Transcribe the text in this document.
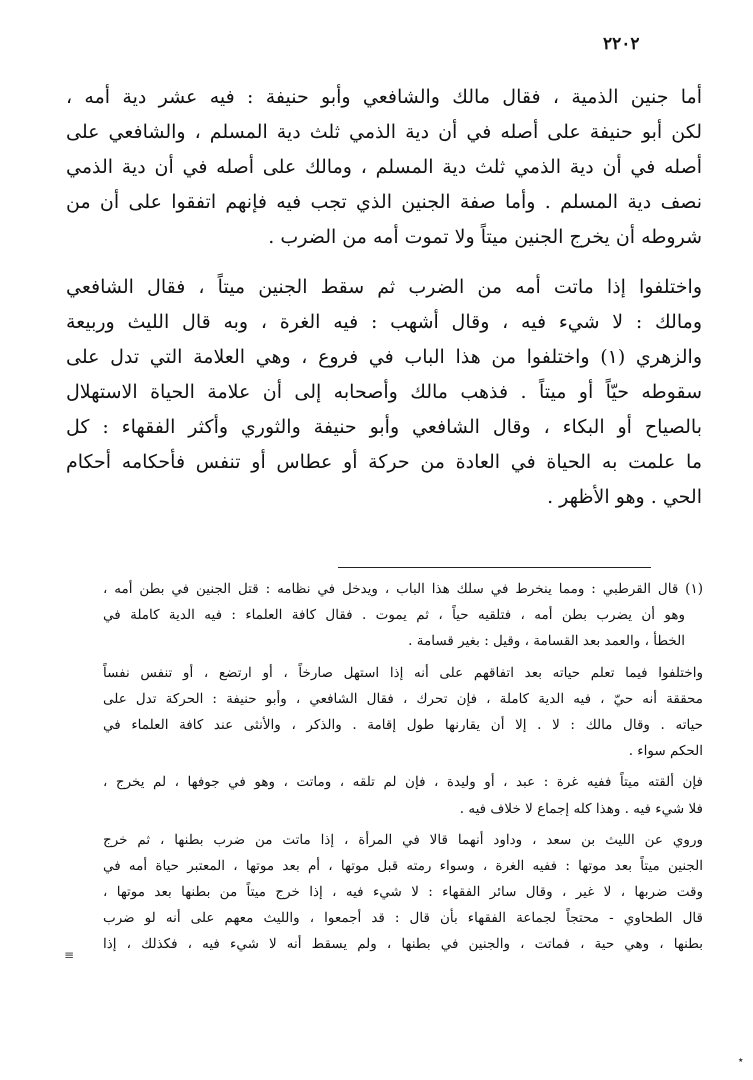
٢٢٠٢
أما جنين الذمية ، فقال مالك والشافعي وأبو حنيفة : فيه عشر دية أمه ،
لكن أبو حنيفة على أصله في أن دية الذمي ثلث دية المسلم ، والشافعي على
أصله في أن دية الذمي ثلث دية المسلم ، ومالك على أصله في أن دية الذمي
نصف دية المسلم . وأما صفة الجنين الذي تجب فيه فإنهم اتفقوا على أن من
شروطه أن يخرج الجنين ميتاً ولا تموت أمه من الضرب .
واختلفوا إذا ماتت أمه من الضرب ثم سقط الجنين ميتاً ، فقال الشافعي
ومالك : لا شيء فيه ، وقال أشهب : فيه الغرة ، وبه قال الليث وربيعة
والزهري (١) واختلفوا من هذا الباب في فروع ، وهي العلامة التي تدل على
سقوطه حيّاً أو ميتاً . فذهب مالك وأصحابه إلى أن علامة الحياة الاستهلال
بالصياح أو البكاء ، وقال الشافعي وأبو حنيفة والثوري وأكثر الفقهاء : كل
ما علمت به الحياة في العادة من حركة أو عطاس أو تنفس فأحكامه أحكام
الحي . وهو الأظهر .
(١) قال القرطبي : ومما ينخرط في سلك هذا الباب ، ويدخل في نظامه : قتل الجنين في بطن أمه ،
وهو أن يضرب بطن أمه ، فتلقيه حياً ، ثم يموت . فقال كافة العلماء : فيه الدية كاملة في
الخطأ ، والعمد بعد القسامة ، وقيل : بغير قسامة .
واختلفوا فيما تعلم حياته بعد اتفاقهم على أنه إذا استهل صارخاً ، أو ارتضع ، أو تنفس نفساً
محققة أنه حيّ ، فيه الدية كاملة ، فإن تحرك ، فقال الشافعي ، وأبو حنيفة : الحركة تدل على
حياته . وقال مالك : لا . إلا أن يقارنها طول إقامة . والذكر ، والأنثى عند كافة العلماء في
الحكم سواء .
فإن ألقته ميتاً ففيه غرة : عبد ، أو وليدة ، فإن لم تلقه ، وماتت ، وهو في جوفها ، لم يخرج ،
فلا شيء فيه . وهذا كله إجماع لا خلاف فيه .
وروي عن الليث بن سعد ، وداود أنهما قالا في المرأة ، إذا ماتت من ضرب بطنها ، ثم خرج
الجنين ميتاً بعد موتها : ففيه الغرة ، وسواء رمته قبل موتها ، أم بعد موتها ، المعتبر حياة أمه في
وقت ضربها ، لا غير ، وقال سائر الفقهاء : لا شيء فيه ، إذا خرج ميتاً من بطنها بعد موتها ،
قال الطحاوي - محتجاً لجماعة الفقهاء بأن قال : قد أجمعوا ، والليث معهم على أنه لو ضرب
بطنها ، وهي حية ، فماتت ، والجنين في بطنها ، ولم يسقط أنه لا شيء فيه ، فكذلك ، إذا
≡
٭
